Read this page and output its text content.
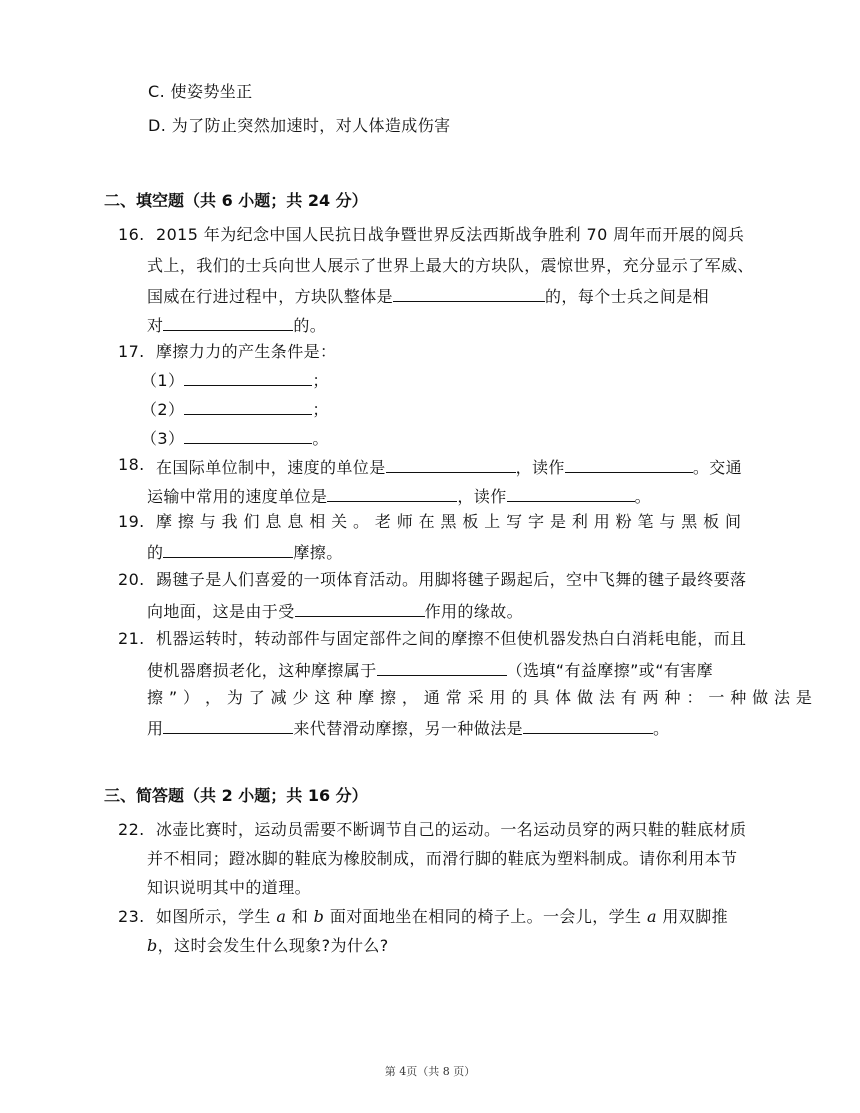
C. 使姿势坐正
D. 为了防止突然加速时，对人体造成伤害
二、填空题（共 6 小题；共 24 分）
16. 2015 年为纪念中国人民抗日战争暨世界反法西斯战争胜利 70 周年而开展的阅兵
式上，我们的士兵向世人展示了世界上最大的方块队，震惊世界，充分显示了军威、
国威在行进过程中，方块队整体是	的，每个士兵之间是相
对	的。
17. 摩擦力力的产生条件是：
（1）	；
（2）	；
（3）	。
18. 在国际单位制中，速度的单位是	，读作	。交通
运输中常用的速度单位是	，读作	。
19. 摩 擦 与 我 们 息 息 相 关 。 老 师 在 黑 板 上 写 字 是 利 用 粉 笔 与 黑 板 间
的	摩擦。
20. 踢毽子是人们喜爱的一项体育活动。用脚将毽子踢起后，空中飞舞的毽子最终要落
向地面，这是由于受	作用的缘故。
21. 机器运转时，转动部件与固定部件之间的摩擦不但使机器发热白白消耗电能，而且
使机器磨损老化，这种摩擦属于	（选填“有益摩擦”或“有害摩
擦 ” ） ， 为 了 减 少 这 种 摩 擦 ， 通 常 采 用 的 具 体 做 法 有 两 种 ： 一 种 做 法 是
用	来代替滑动摩擦，另一种做法是	。
三、简答题（共 2 小题；共 16 分）
22. 冰壶比赛时，运动员需要不断调节自己的运动。一名运动员穿的两只鞋的鞋底材质
并不相同；蹬冰脚的鞋底为橡胶制成，而滑行脚的鞋底为塑料制成。请你利用本节
知识说明其中的道理。
23. 如图所示，学生 a 和 b 面对面地坐在相同的椅子上。一会儿，学生 a 用双脚推
b，这时会发生什么现象?为什么?
第 4页（共 8 页）
